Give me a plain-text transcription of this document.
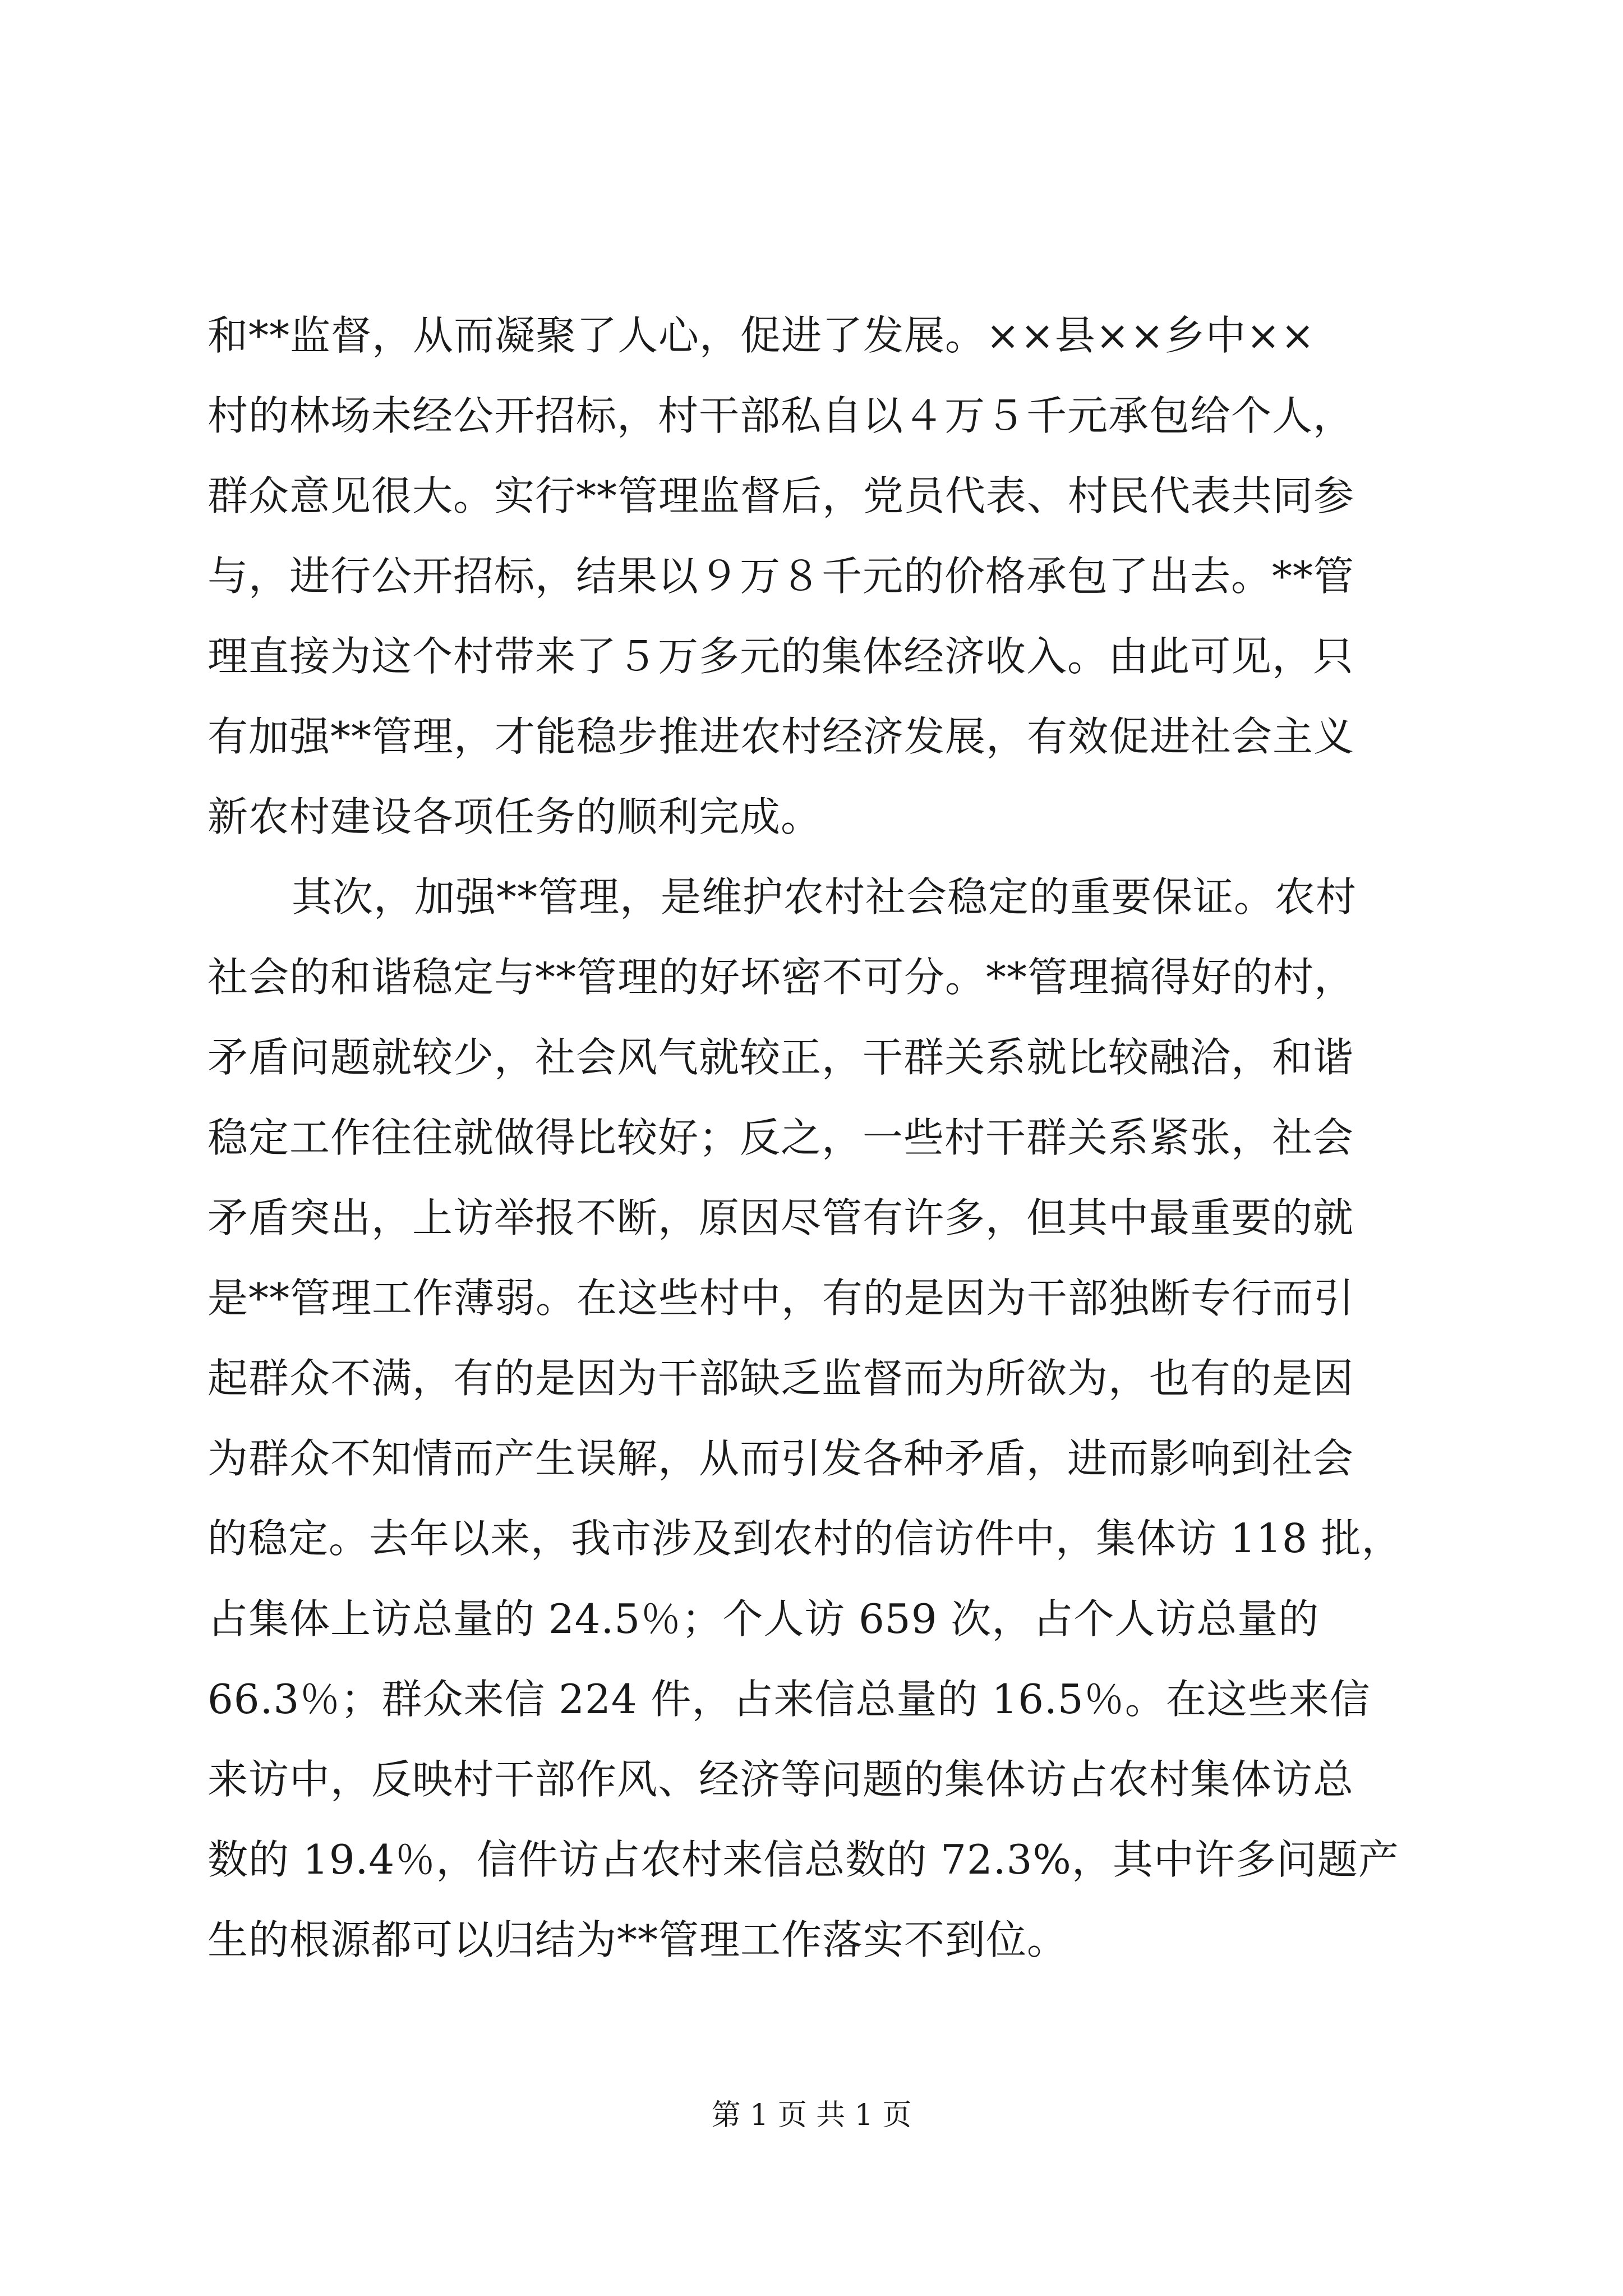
和**监督，从而凝聚了人心，促进了发展。××县××乡中××
村的林场未经公开招标，村干部私自以４万５千元承包给个人，
群众意见很大。实行**管理监督后，党员代表、村民代表共同参
与，进行公开招标，结果以９万８千元的价格承包了出去。**管
理直接为这个村带来了５万多元的集体经济收入。由此可见，只
有加强**管理，才能稳步推进农村经济发展，有效促进社会主义
新农村建设各项任务的顺利完成。
其次，加强**管理，是维护农村社会稳定的重要保证。农村
社会的和谐稳定与**管理的好坏密不可分。**管理搞得好的村，
矛盾问题就较少，社会风气就较正，干群关系就比较融洽，和谐
稳定工作往往就做得比较好；反之，一些村干群关系紧张，社会
矛盾突出，上访举报不断，原因尽管有许多，但其中最重要的就
是**管理工作薄弱。在这些村中，有的是因为干部独断专行而引
起群众不满，有的是因为干部缺乏监督而为所欲为，也有的是因
为群众不知情而产生误解，从而引发各种矛盾，进而影响到社会
的稳定。去年以来，我市涉及到农村的信访件中，集体访 118 批，
占集体上访总量的 24.5％；个人访 659 次，占个人访总量的
66.3％；群众来信 224 件，占来信总量的 16.5％。在这些来信
来访中，反映村干部作风、经济等问题的集体访占农村集体访总
数的 19.4％，信件访占农村来信总数的 72.3%，其中许多问题产
生的根源都可以归结为**管理工作落实不到位。
第 1 页 共 1 页
